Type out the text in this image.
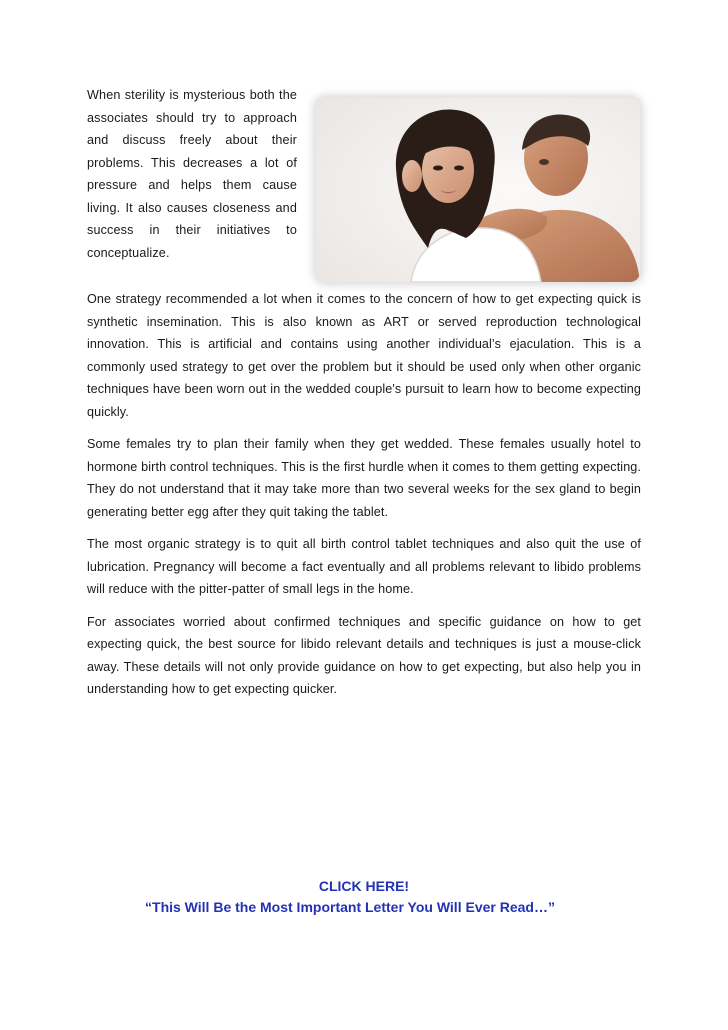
When sterility is mysterious both the associates should try to approach and discuss freely about their problems. This decreases a lot of pressure and helps them cause living. It also causes closeness and success in their initiatives to conceptualize.

One strategy recommended a lot when it comes to the concern of how to get expecting quick is synthetic insemination. This is also known as ART or served reproduction technological innovation. This is artificial and contains using another individual’s ejaculation. This is a commonly used strategy to get over the problem but it should be used only when other organic techniques have been worn out in the wedded couple's pursuit to learn how to become expecting quickly.

Some females try to plan their family when they get wedded. These females usually hotel to hormone birth control techniques. This is the first hurdle when it comes to them getting expecting. They do not understand that it may take more than two several weeks for the sex gland to begin generating better egg after they quit taking the tablet.

The most organic strategy is to quit all birth control tablet techniques and also quit the use of lubrication. Pregnancy will become a fact eventually and all problems relevant to libido problems will reduce with the pitter-patter of small legs in the home.

For associates worried about confirmed techniques and specific guidance on how to get expecting quick, the best source for libido relevant details and techniques is just a mouse-click away. These details will not only provide guidance on how to get expecting, but also help you in understanding how to get expecting quicker.

CLICK HERE!
“This Will Be the Most Important Letter You Will Ever Read…”
